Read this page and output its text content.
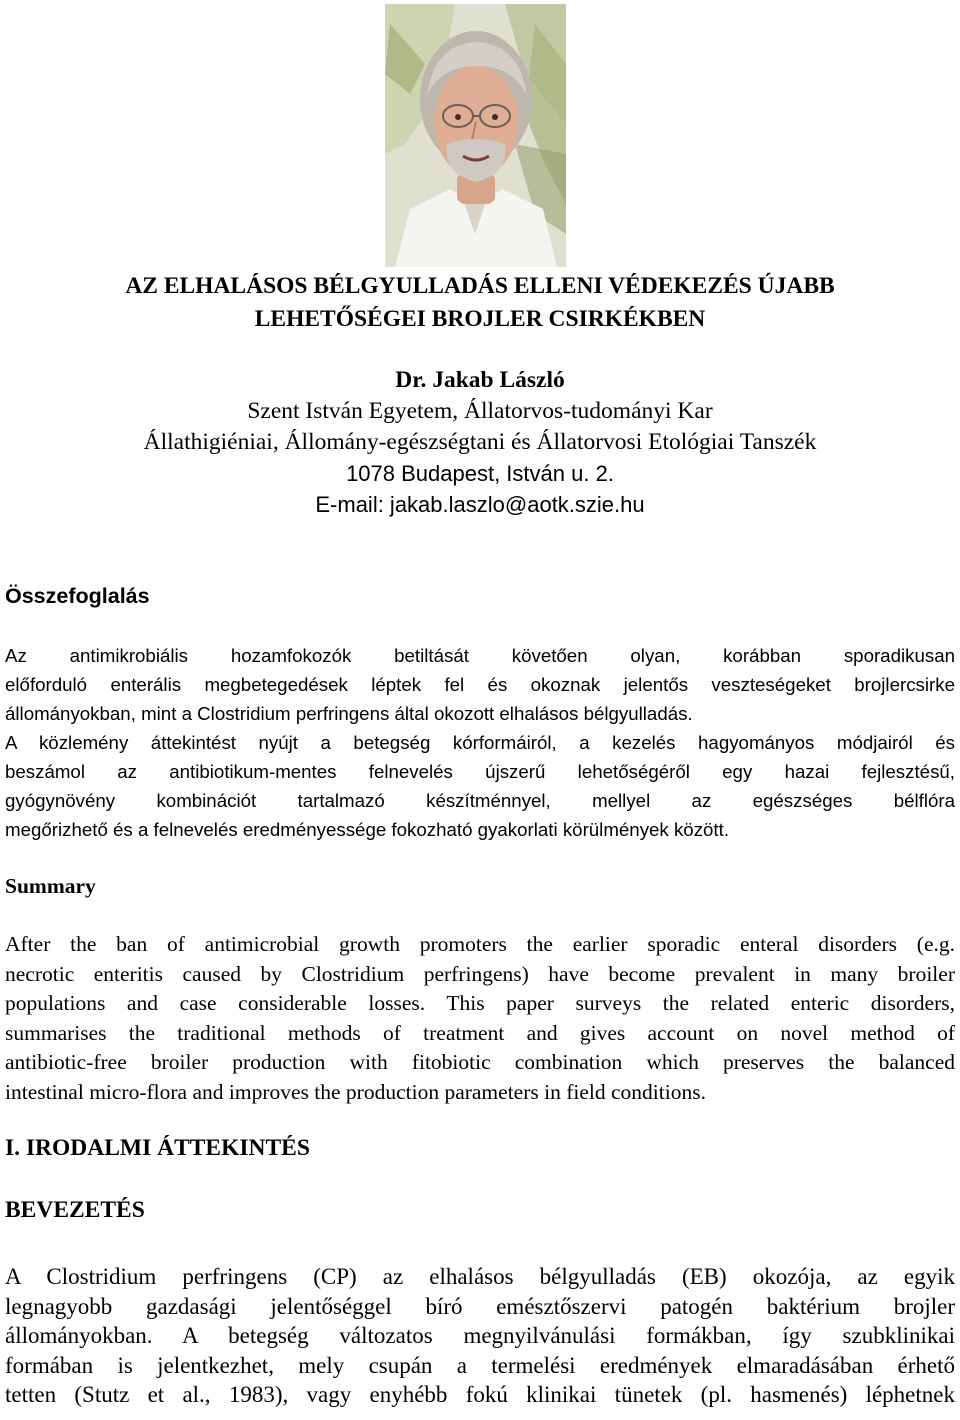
AZ ELHALÁSOS BÉLGYULLADÁS ELLENI VÉDEKEZÉS ÚJABB
LEHETŐSÉGEI BROJLER CSIRKÉKBEN
Dr. Jakab László
Szent István Egyetem, Állatorvos-tudományi Kar
Állathigiéniai, Állomány-egészségtani és Állatorvosi Etológiai Tanszék
1078 Budapest, István u. 2.
E-mail: jakab.laszlo@aotk.szie.hu
Összefoglalás
Az antimikrobiális hozamfokozók betiltását követően olyan, korábban sporadikusan
előforduló enterális megbetegedések léptek fel és okoznak jelentős veszteségeket brojlercsirke
állományokban, mint a Clostridium perfringens által okozott elhalásos bélgyulladás.
A közlemény áttekintést nyújt a betegség kórformáiról, a kezelés hagyományos módjairól és
beszámol az antibiotikum-mentes felnevelés újszerű lehetőségéről egy hazai fejlesztésű,
gyógynövény kombinációt tartalmazó készítménnyel, mellyel az egészséges bélflóra
megőrizhető és a felnevelés eredményessége fokozható gyakorlati körülmények között.
Summary
After the ban of antimicrobial growth promoters the earlier sporadic enteral disorders (e.g.
necrotic enteritis caused by Clostridium perfringens) have become prevalent in many broiler
populations and case considerable losses. This paper surveys the related enteric disorders,
summarises the traditional methods of treatment and gives account on novel method of
antibiotic-free broiler production with fitobiotic combination which preserves the balanced
intestinal micro-flora and improves the production parameters in field conditions.
I. IRODALMI ÁTTEKINTÉS
BEVEZETÉS
A Clostridium perfringens (CP) az elhalásos bélgyulladás (EB) okozója, az egyik
legnagyobb gazdasági jelentőséggel bíró emésztőszervi patogén baktérium brojler
állományokban. A betegség változatos megnyilvánulási formákban, így szubklinikai
formában is jelentkezhet, mely csupán a termelési eredmények elmaradásában érhető
tetten (Stutz et al., 1983), vagy enyhébb fokú klinikai tünetek (pl. hasmenés) léphetnek
